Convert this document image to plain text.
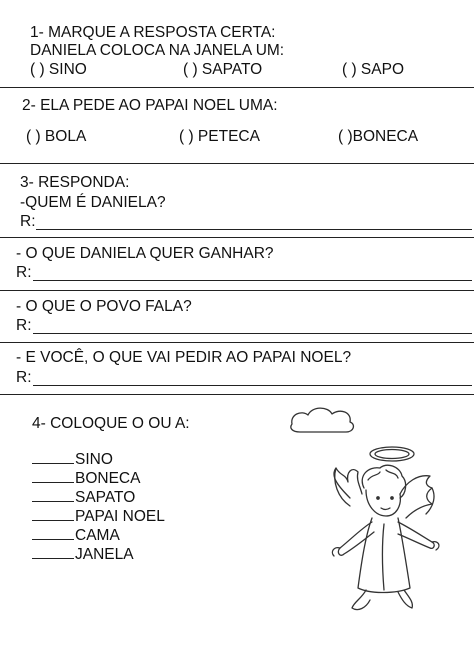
1- MARQUE A RESPOSTA CERTA:
DANIELA COLOCA NA JANELA UM:
( ) SINO	( ) SAPATO	( ) SAPO
2- ELA PEDE AO PAPAI NOEL UMA:
( ) BOLA	( ) PETECA	( )BONECA
3- RESPONDA:
-QUEM É DANIELA?
R:
- O QUE DANIELA QUER GANHAR?
R:
- O QUE O POVO FALA?
R:
- E VOCÊ, O QUE VAI PEDIR AO PAPAI NOEL?
R:
4- COLOQUE O OU A:
SINO
BONECA
SAPATO
PAPAI NOEL
CAMA
JANELA
